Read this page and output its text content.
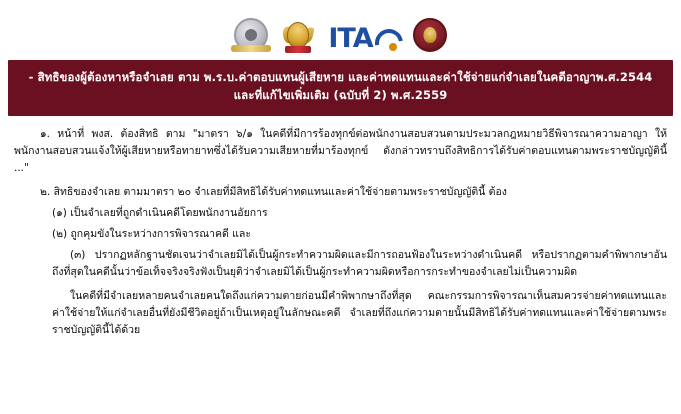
ITA
- สิทธิของผู้ต้องหาหรือจำเลย ตาม พ.ร.บ.ค่าตอบแทนผู้เสียหาย และค่าทดแทนและค่าใช้จ่ายแก่จำเลยในคดีอาญาพ.ศ.2544
และที่แก้ไขเพิ่มเติม (ฉบับที่ 2) พ.ศ.2559

๑. หน้าที่ พงส. ต้องสิทธิ ตาม "มาตรา ๖/๑ ในคดีที่มีการร้องทุกข์ต่อพนักงานสอบสวนตามประมวลกฎหมายวิธีพิจารณาความอาญา ให้พนักงานสอบสวนแจ้งให้ผู้เสียหายหรือทายาทซึ่งได้รับความเสียหายที่มาร้องทุกข์ ดังกล่าวทราบถึงสิทธิการได้รับค่าตอบแทนตามพระราชบัญญัตินี้ ..."

๒. สิทธิของจำเลย ตามมาตรา ๒๐ จำเลยที่มีสิทธิได้รับค่าทดแทนและค่าใช้จ่ายตามพระราชบัญญัตินี้ ต้อง

(๑) เป็นจำเลยที่ถูกดำเนินคดีโดยพนักงานอัยการ

(๒) ถูกคุมขังในระหว่างการพิจารณาคดี และ

(๓) ปรากฏหลักฐานชัดเจนว่าจำเลยมิได้เป็นผู้กระทำความผิดและมีการถอนฟ้องในระหว่างดำเนินคดี หรือปรากฏตามคำพิพากษาอันถึงที่สุดในคดีนั้นว่าข้อเท็จจริงจริงฟังเป็นยุติว่าจำเลยมิได้เป็นผู้กระทำความผิดหรือการกระทำของจำเลยไม่เป็นความผิด

ในคดีที่มีจำเลยหลายคนจำเลยคนใดถึงแก่ความตายก่อนมีคำพิพากษาถึงที่สุด คณะกรรมการพิจารณาเห็นสมควรจ่ายค่าทดแทนและค่าใช้จ่ายให้แก่จำเลยอื่นที่ยังมีชีวิตอยู่ถ้าเป็นเหตุอยู่ในลักษณะคดี จำเลยที่ถึงแก่ความตายนั้นมีสิทธิได้รับค่าทดแทนและค่าใช้จ่ายตามพระราชบัญญัตินี้ได้ด้วย
